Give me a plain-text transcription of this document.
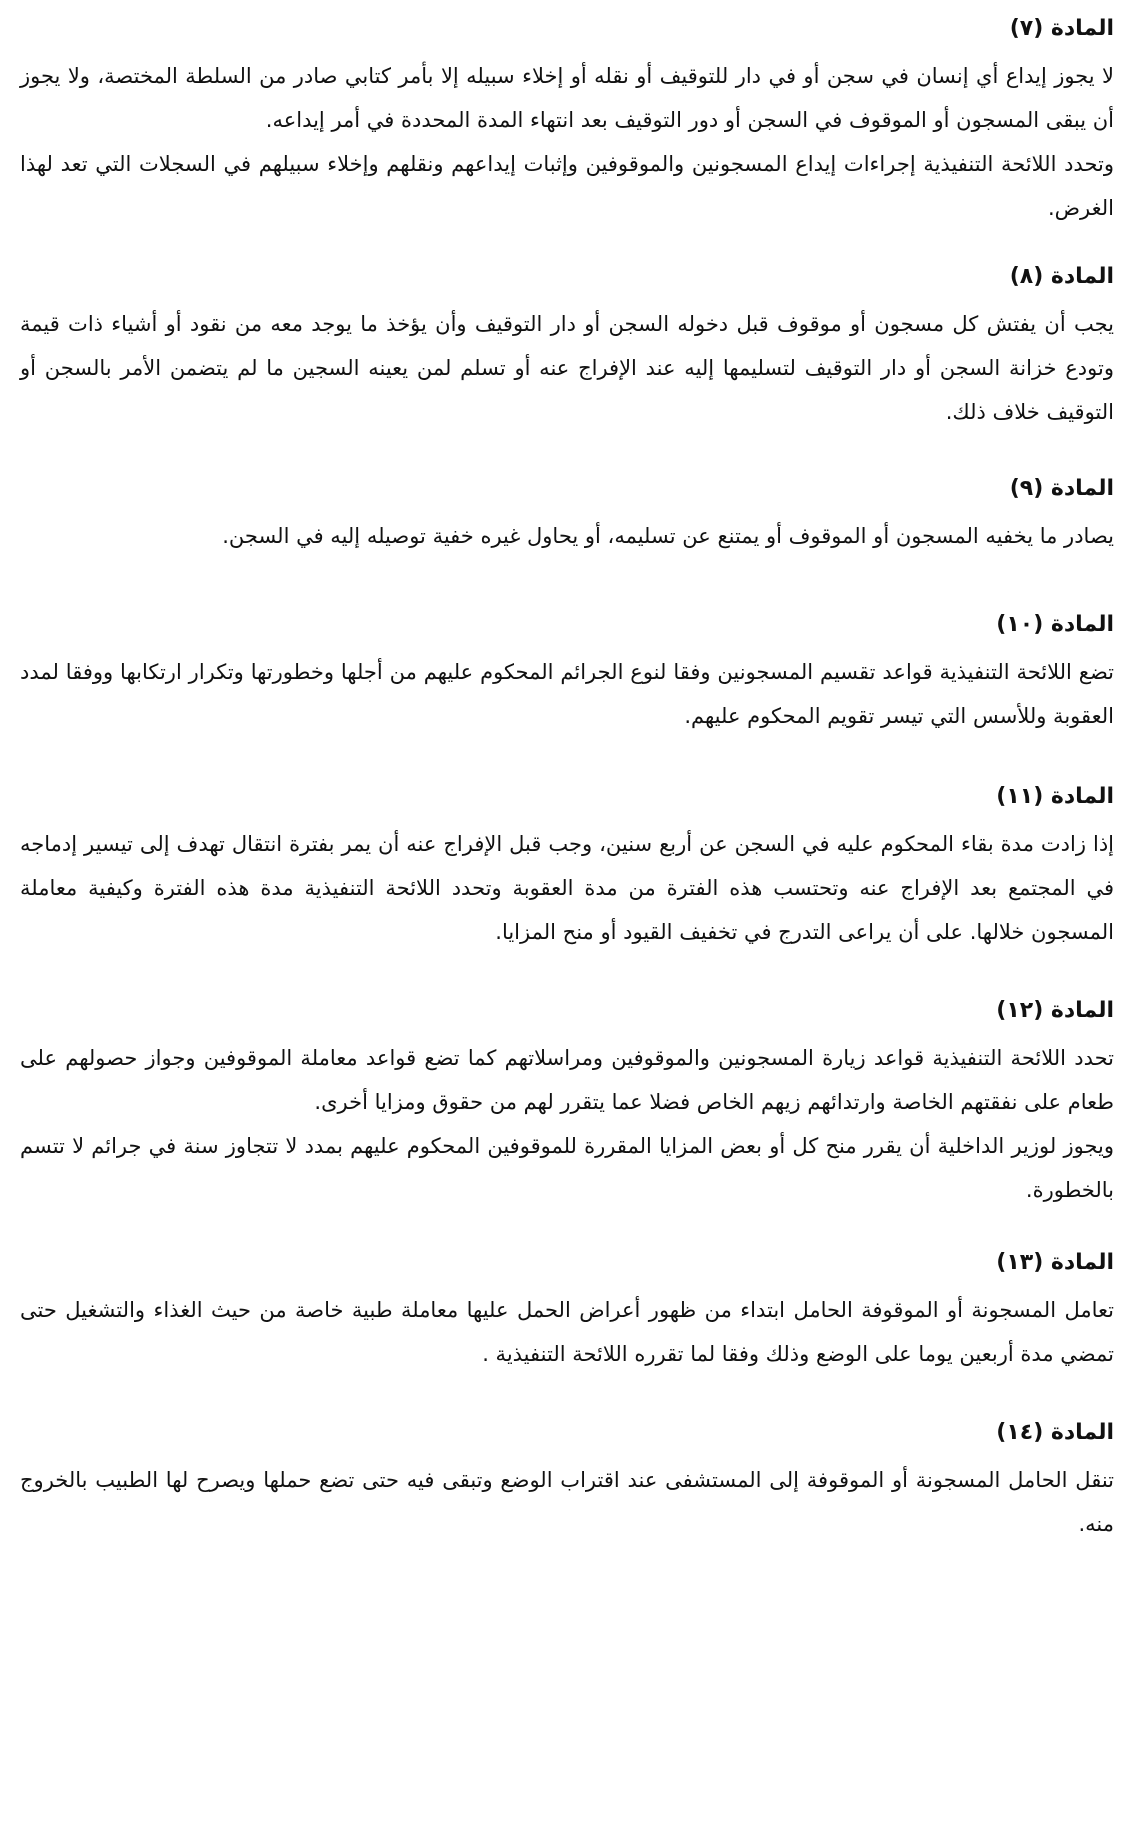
المادة (٧)

لا يجوز إيداع أي إنسان في سجن أو في دار للتوقيف أو نقله أو إخلاء سبيله إلا بأمر كتابي صادر من السلطة المختصة، ولا يجوز أن يبقى المسجون أو الموقوف في السجن أو دور التوقيف بعد انتهاء المدة المحددة في أمر إيداعه.

وتحدد اللائحة التنفيذية إجراءات إيداع المسجونين والموقوفين وإثبات إيداعهم ونقلهم وإخلاء سبيلهم في السجلات التي تعد لهذا الغرض.

المادة (٨)

يجب أن يفتش كل مسجون أو موقوف قبل دخوله السجن أو دار التوقيف وأن يؤخذ ما يوجد معه من نقود أو أشياء ذات قيمة وتودع خزانة السجن أو دار التوقيف لتسليمها إليه عند الإفراج عنه أو تسلم لمن يعينه السجين ما لم يتضمن الأمر بالسجن أو التوقيف خلاف ذلك.

المادة (٩)

يصادر ما يخفيه المسجون أو الموقوف أو يمتنع عن تسليمه، أو يحاول غيره خفية توصيله إليه في السجن.

المادة (١٠)

تضع اللائحة التنفيذية قواعد تقسيم المسجونين وفقا لنوع الجرائم المحكوم عليهم من أجلها وخطورتها وتكرار ارتكابها ووفقا لمدد العقوبة وللأسس التي تيسر تقويم المحكوم عليهم.

المادة (١١)

إذا زادت مدة بقاء المحكوم عليه في السجن عن أربع سنين، وجب قبل الإفراج عنه أن يمر بفترة انتقال تهدف إلى تيسير إدماجه في المجتمع بعد الإفراج عنه وتحتسب هذه الفترة من مدة العقوبة وتحدد اللائحة التنفيذية مدة هذه الفترة وكيفية معاملة المسجون خلالها. على أن يراعى التدرج في تخفيف القيود أو منح المزايا.

المادة (١٢)

تحدد اللائحة التنفيذية قواعد زيارة المسجونين والموقوفين ومراسلاتهم كما تضع قواعد معاملة الموقوفين وجواز حصولهم على طعام على نفقتهم الخاصة وارتدائهم زيهم الخاص فضلا عما يتقرر لهم من حقوق ومزايا أخرى.

ويجوز لوزير الداخلية أن يقرر منح كل أو بعض المزايا المقررة للموقوفين المحكوم عليهم بمدد لا تتجاوز سنة في جرائم لا تتسم بالخطورة.

المادة (١٣)

تعامل المسجونة أو الموقوفة الحامل ابتداء من ظهور أعراض الحمل عليها معاملة طبية خاصة من حيث الغذاء والتشغيل حتى تمضي مدة أربعين يوما على الوضع وذلك وفقا لما تقرره اللائحة التنفيذية .

المادة (١٤)

تنقل الحامل المسجونة أو الموقوفة إلى المستشفى عند اقتراب الوضع وتبقى فيه حتى تضع حملها ويصرح لها الطبيب بالخروج منه.
